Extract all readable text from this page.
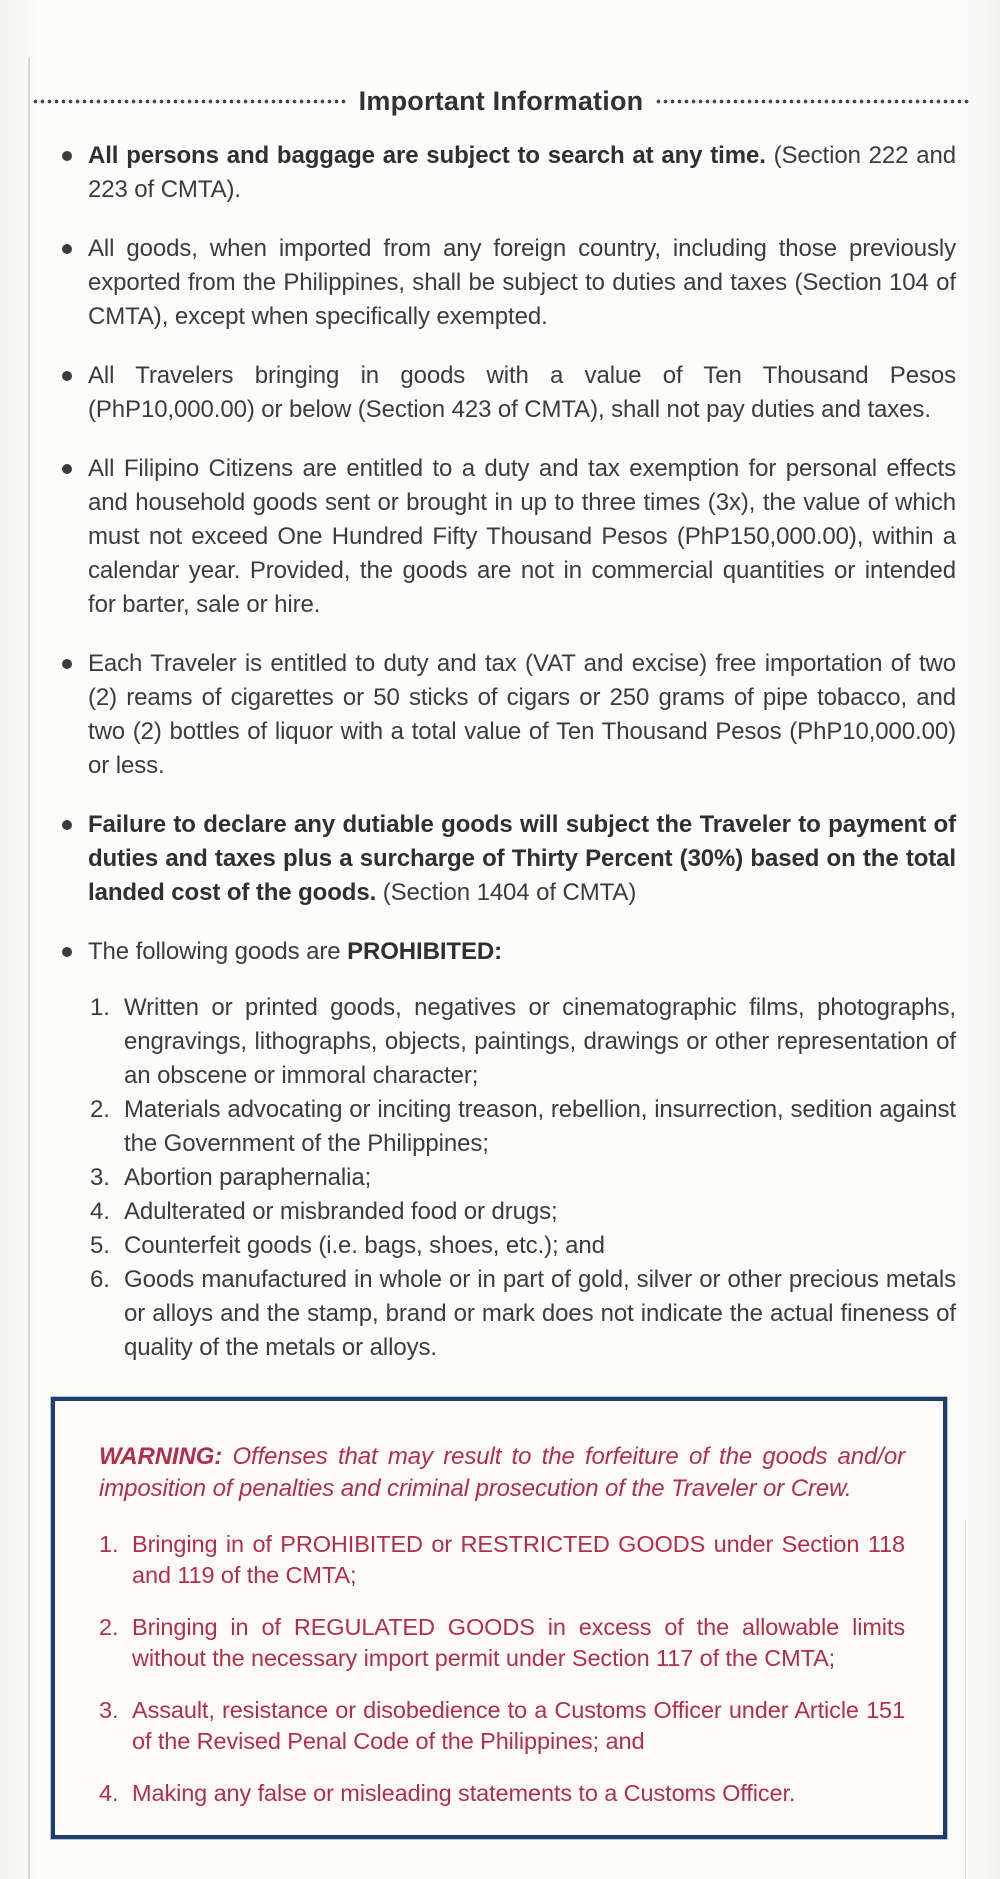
Important Information
All persons and baggage are subject to search at any time. (Section 222 and 223 of CMTA).
All goods, when imported from any foreign country, including those previously exported from the Philippines, shall be subject to duties and taxes (Section 104 of CMTA), except when specifically exempted.
All Travelers bringing in goods with a value of Ten Thousand Pesos (PhP10,000.00) or below (Section 423 of CMTA), shall not pay duties and taxes.
All Filipino Citizens are entitled to a duty and tax exemption for personal effects and household goods sent or brought in up to three times (3x), the value of which must not exceed One Hundred Fifty Thousand Pesos (PhP150,000.00), within a calendar year. Provided, the goods are not in commercial quantities or intended for barter, sale or hire.
Each Traveler is entitled to duty and tax (VAT and excise) free importation of two (2) reams of cigarettes or 50 sticks of cigars or 250 grams of pipe tobacco, and two (2) bottles of liquor with a total value of Ten Thousand Pesos (PhP10,000.00) or less.
Failure to declare any dutiable goods will subject the Traveler to payment of duties and taxes plus a surcharge of Thirty Percent (30%) based on the total landed cost of the goods. (Section 1404 of CMTA)
The following goods are PROHIBITED:
Written or printed goods, negatives or cinematographic films, photographs, engravings, lithographs, objects, paintings, drawings or other representation of an obscene or immoral character;
Materials advocating or inciting treason, rebellion, insurrection, sedition against the Government of the Philippines;
Abortion paraphernalia;
Adulterated or misbranded food or drugs;
Counterfeit goods (i.e. bags, shoes, etc.); and
Goods manufactured in whole or in part of gold, silver or other precious metals or alloys and the stamp, brand or mark does not indicate the actual fineness of quality of the metals or alloys.
WARNING: Offenses that may result to the forfeiture of the goods and/or imposition of penalties and criminal prosecution of the Traveler or Crew.
Bringing in of PROHIBITED or RESTRICTED GOODS under Section 118 and 119 of the CMTA;
Bringing in of REGULATED GOODS in excess of the allowable limits without the necessary import permit under Section 117 of the CMTA;
Assault, resistance or disobedience to a Customs Officer under Article 151 of the Revised Penal Code of the Philippines; and
Making any false or misleading statements to a Customs Officer.
